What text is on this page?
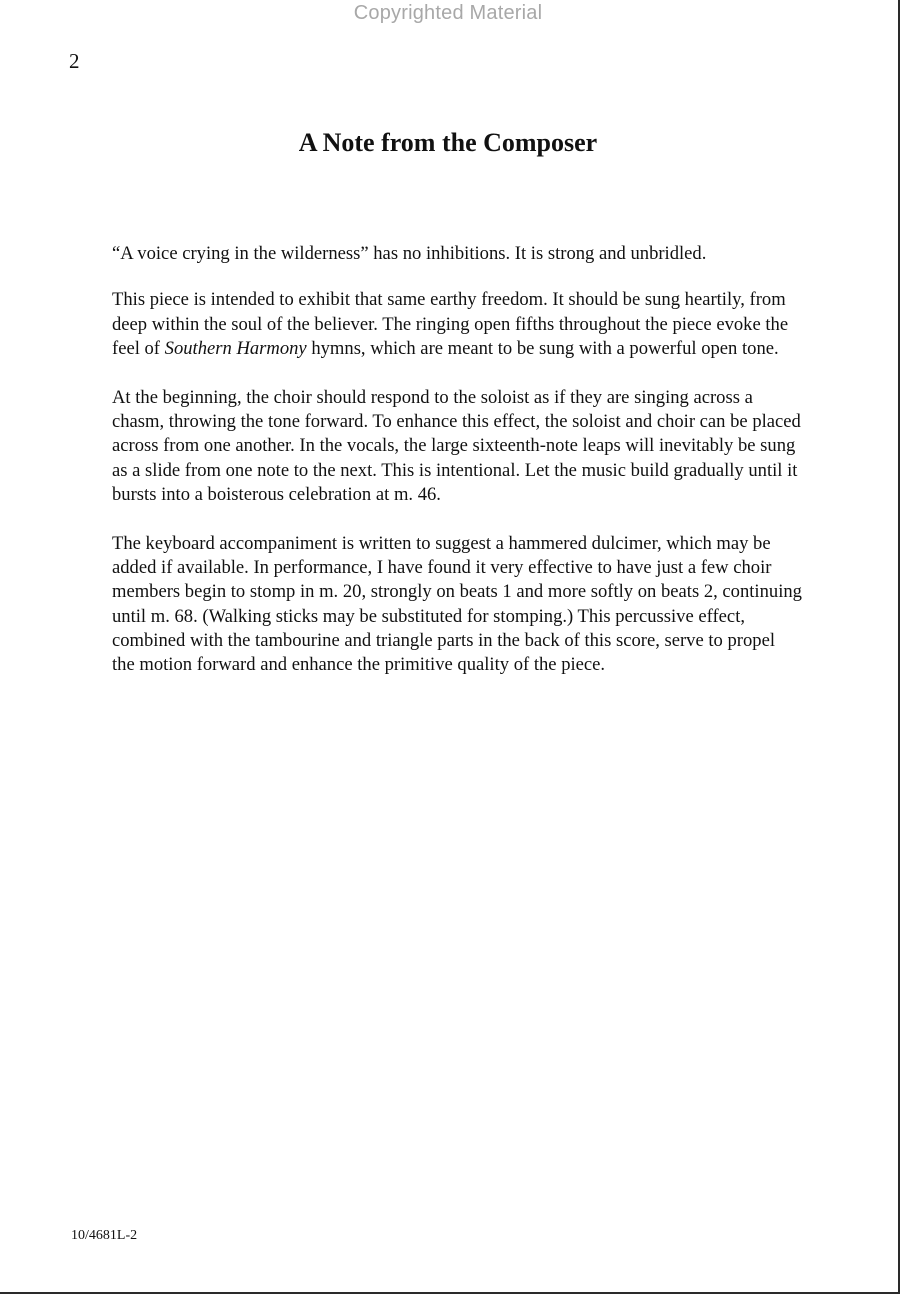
Copyrighted Material
2
A Note from the Composer

“A voice crying in the wilderness” has no inhibitions. It is strong and unbridled.

This piece is intended to exhibit that same earthy freedom. It should be sung heartily, from deep within the soul of the believer. The ringing open fifths throughout the piece evoke the feel of Southern Harmony hymns, which are meant to be sung with a powerful open tone.

At the beginning, the choir should respond to the soloist as if they are singing across a chasm, throwing the tone forward. To enhance this effect, the soloist and choir can be placed across from one another. In the vocals, the large sixteenth-note leaps will inevitably be sung as a slide from one note to the next. This is intentional. Let the music build gradually until it bursts into a boisterous celebration at m. 46.

The keyboard accompaniment is written to suggest a hammered dulcimer, which may be added if available. In performance, I have found it very effective to have just a few choir members begin to stomp in m. 20, strongly on beats 1 and more softly on beats 2, continuing until m. 68. (Walking sticks may be substituted for stomping.) This percussive effect, combined with the tambourine and triangle parts in the back of this score, serve to propel the motion forward and enhance the primitive quality of the piece.

10/4681L-2
